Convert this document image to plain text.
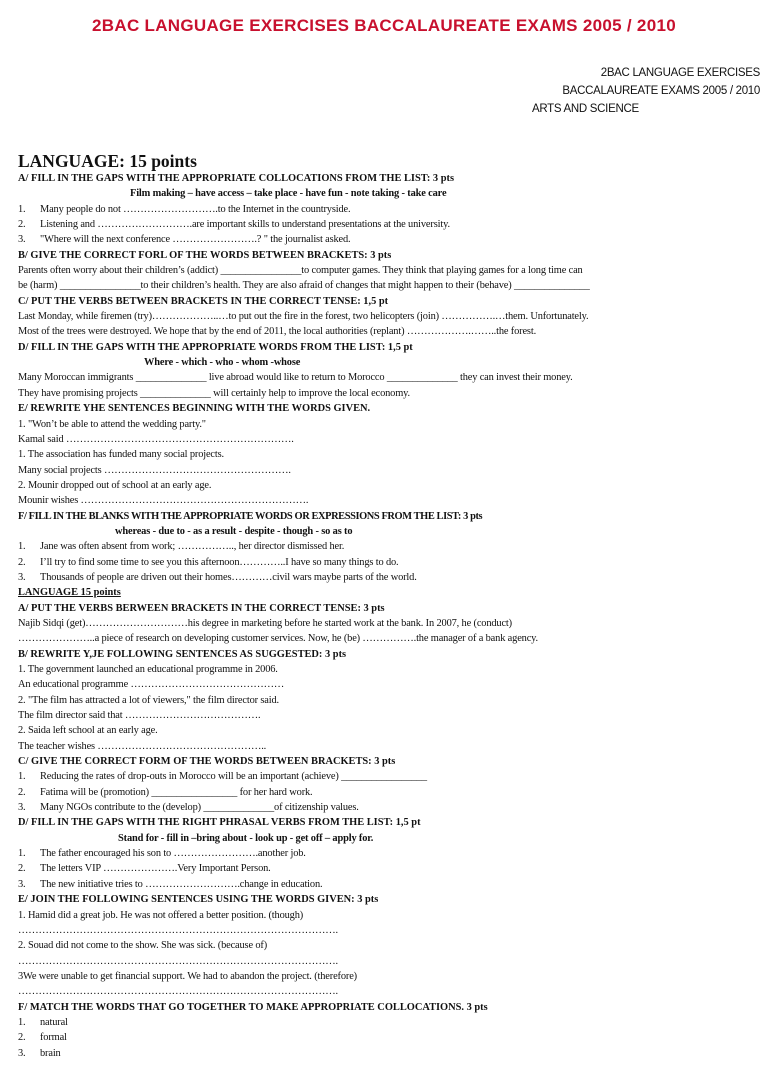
2BAC LANGUAGE EXERCISES BACCALAUREATE EXAMS 2005 / 2010
2BAC LANGUAGE EXERCISES
BACCALAUREATE EXAMS 2005 / 2010
ARTS AND SCIENCE
LANGUAGE: 15 points
A/ FILL IN THE GAPS WITH THE APPROPRIATE COLLOCATIONS FROM THE LIST: 3 pts
Film making – have access – take place - have fun - note taking - take care
1. Many people do not ……………………….to the Internet in the countryside.
2. Listening and ……………………….are important skills to understand presentations at the university.
3. "Where will the next conference …………………….? " the journalist asked.
B/ GIVE THE CORRECT FORL OF THE WORDS BETWEEN BRACKETS: 3 pts
Parents often worry about their children’s (addict) ________________to computer games. They think that playing games for a long time can
be (harm) ________________to their children’s health. They are also afraid of changes that might happen to their (behave) _______________
C/ PUT THE VERBS BETWEEN BRACKETS IN THE CORRECT TENSE: 1,5 pt
Last Monday, while firemen (try)………………..…to put out the fire in the forest, two helicopters (join) …………….…them. Unfortunately.
Most of the trees were destroyed. We hope that by the end of 2011, the local authorities (replant) ……………….……..the forest.
D/ FILL IN THE GAPS WITH THE APPROPRIATE WORDS FROM THE LIST: 1,5 pt
Where - which - who - whom -whose
Many Moroccan immigrants ______________ live abroad would like to return to Morocco ______________ they can invest their money.
They have promising projects ______________ will certainly help to improve the local economy.
E/ REWRITE YHE SENTENCES BEGINNING WITH THE WORDS GIVEN.
1. "Won’t be able to attend the wedding party."
Kamal said ………………………………………………………….
1. The association has funded many social projects.
Many social projects ……………………………………………….
2. Mounir dropped out of school at an early age.
Mounir wishes ………………………………………………………….
F/ FILL IN THE BLANKS WITH THE APPROPRIATE WORDS OR EXPRESSIONS FROM THE LIST: 3 pts
whereas - due to - as a result - despite - though - so as to
1. Jane was often absent from work; …………….., her director dismissed her.
2. I’ll try to find some time to see you this afternoon…………..I have so many things to do.
3. Thousands of people are driven out their homes…………civil wars maybe parts of the world.
LANGUAGE 15 points
A/ PUT THE VERBS BERWEEN BRACKETS IN THE CORRECT TENSE: 3 pts
Najib Sidqi (get)…………………………his degree in marketing before he started work at the bank. In 2007, he (conduct)
…………………..a piece of research on developing customer services. Now, he (be) …………….the manager of a bank agency.
B/ REWRITE Y,JE FOLLOWING SENTENCES AS SUGGESTED: 3 pts
1. The government launched an educational programme in 2006.
An educational programme ………………………………………
2. "The film has attracted a lot of viewers," the film director said.
The film director said that ………………………………….
2. Saida left school at an early age.
The teacher wishes …………………………………………..
C/ GIVE THE CORRECT FORM OF THE WORDS BETWEEN BRACKETS: 3 pts
1. Reducing the rates of drop-outs in Morocco will be an important (achieve) _________________
2. Fatima will be (promotion) _________________ for her hard work.
3. Many NGOs contribute to the (develop) ______________of citizenship values.
D/ FILL IN THE GAPS WITH THE RIGHT PHRASAL VERBS FROM THE LIST: 1,5 pt
Stand for - fill in –bring about - look up - get off – apply for.
1. The father encouraged his son to …………………….another job.
2. The letters VIP ………………….Very Important Person.
3. The new initiative tries to ……………………….change in education.
E/ JOIN THE FOLLOWING SENTENCES USING THE WORDS GIVEN: 3 pts
1. Hamid did a great job. He was not offered a better position. (though)
………………………………………………………………………………….
2. Souad did not come to the show. She was sick. (because of)
………………………………………………………………………………….
3We were unable to get financial support. We had to abandon the project. (therefore)
………………………………………………………………………………….
F/ MATCH THE WORDS THAT GO TOGETHER TO MAKE APPROPRIATE COLLOCATIONS. 3 pts
1. natural
2. formal
3. brain
